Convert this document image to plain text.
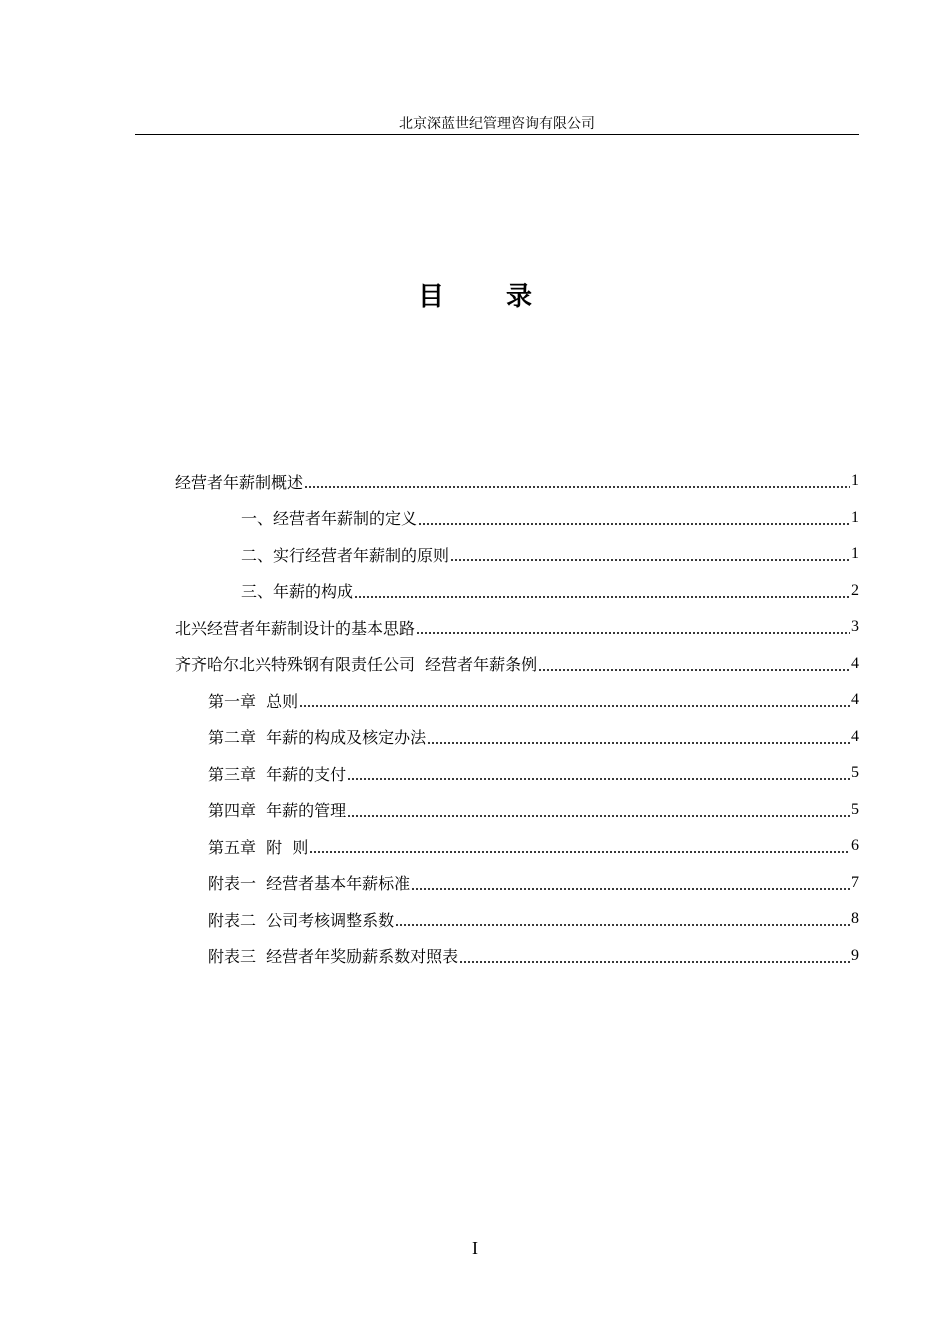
北京深蓝世纪管理咨询有限公司
目录
经营者年薪制概述	1
一、经营者年薪制的定义	1
二、实行经营者年薪制的原则	1
三、年薪的构成	2
北兴经营者年薪制设计的基本思路	3
齐齐哈尔北兴特殊钢有限责任公司  经营者年薪条例	4
第一章  总则	4
第二章  年薪的构成及核定办法	4
第三章  年薪的支付	5
第四章  年薪的管理	5
第五章  附  则	6
附表一  经营者基本年薪标准	7
附表二  公司考核调整系数	8
附表三  经营者年奖励薪系数对照表	9
I
